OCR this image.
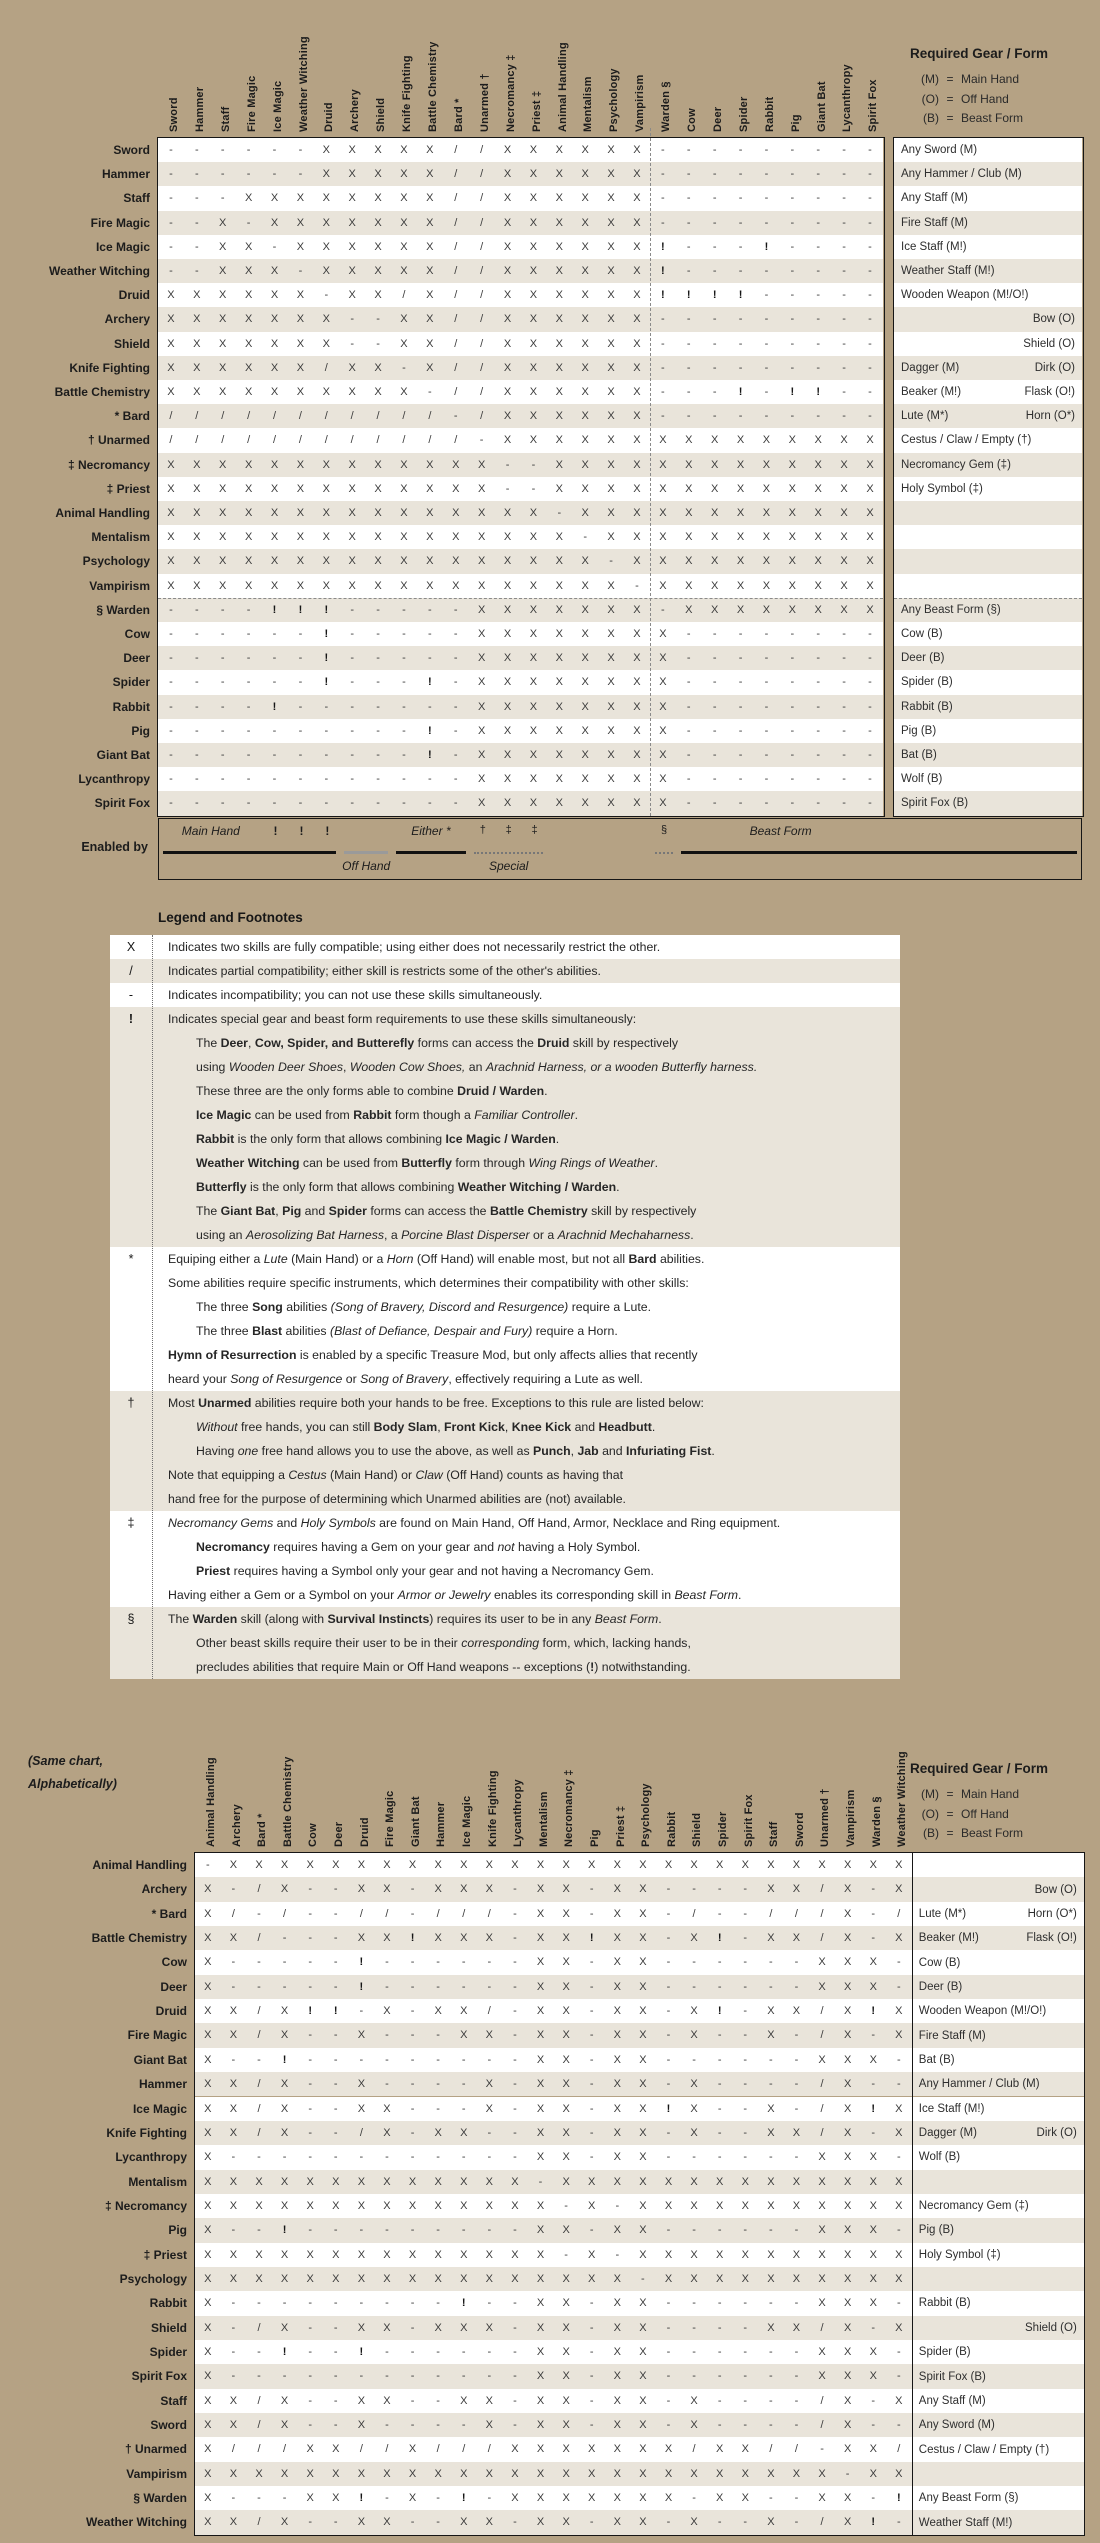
Required Gear / Form
(M) = Main Hand
(O) = Off Hand
(B) = Beast Form
Sword	Hammer	Staff	Fire Magic	Ice Magic	Weather Witching	Druid	Archery	Shield	Knife Fighting	Battle Chemistry	Bard *	Unarmed †	Necromancy ‡	Priest ‡	Animal Handling	Mentalism	Psychology	Vampirism	Warden §	Cow	Deer	Spider	Rabbit	Pig	Giant Bat	Lycanthropy	Spirit Fox
Sword	-	-	-	-	-	-	X	X	X	X	X	/	/	X	X	X	X	X	X	-	-	-	-	-	-	-	-	-	Any Sword (M)
Hammer	-	-	-	-	-	-	X	X	X	X	X	/	/	X	X	X	X	X	X	-	-	-	-	-	-	-	-	-	Any Hammer / Club (M)
Staff	-	-	-	X	X	X	X	X	X	X	X	/	/	X	X	X	X	X	X	-	-	-	-	-	-	-	-	-	Any Staff (M)
Fire Magic	-	-	X	-	X	X	X	X	X	X	X	/	/	X	X	X	X	X	X	-	-	-	-	-	-	-	-	-	Fire Staff (M)
Ice Magic	-	-	X	X	-	X	X	X	X	X	X	/	/	X	X	X	X	X	X	!	-	-	-	!	-	-	-	-	Ice Staff (M!)
Weather Witching	-	-	X	X	X	-	X	X	X	X	X	/	/	X	X	X	X	X	X	!	-	-	-	-	-	-	-	-	Weather Staff (M!)
Druid	X	X	X	X	X	X	-	X	X	/	X	/	/	X	X	X	X	X	X	!	!	!	!	-	-	-	-	-	Wooden Weapon (M!/O!)
Archery	X	X	X	X	X	X	X	-	-	X	X	/	/	X	X	X	X	X	X	-	-	-	-	-	-	-	-	-	Bow (O)
Shield	X	X	X	X	X	X	X	-	-	X	X	/	/	X	X	X	X	X	X	-	-	-	-	-	-	-	-	-	Shield (O)
Knife Fighting	X	X	X	X	X	X	/	X	X	-	X	/	/	X	X	X	X	X	X	-	-	-	-	-	-	-	-	-	Dagger (M)	Dirk (O)
Battle Chemistry	X	X	X	X	X	X	X	X	X	X	-	/	/	X	X	X	X	X	X	-	-	-	!	-	!	!	-	-	Beaker (M!)	Flask (O!)
* Bard	/	/	/	/	/	/	/	/	/	/	/	-	/	X	X	X	X	X	X	-	-	-	-	-	-	-	-	-	Lute (M*)	Horn (O*)
† Unarmed	/	/	/	/	/	/	/	/	/	/	/	/	-	X	X	X	X	X	X	X	X	X	X	X	X	X	X	X	Cestus / Claw / Empty (†)
‡ Necromancy	X	X	X	X	X	X	X	X	X	X	X	X	X	-	-	X	X	X	X	X	X	X	X	X	X	X	X	X	Necromancy Gem (‡)
‡ Priest	X	X	X	X	X	X	X	X	X	X	X	X	X	-	-	X	X	X	X	X	X	X	X	X	X	X	X	X	Holy Symbol (‡)
Animal Handling	X	X	X	X	X	X	X	X	X	X	X	X	X	X	X	-	X	X	X	X	X	X	X	X	X	X	X	X
Mentalism	X	X	X	X	X	X	X	X	X	X	X	X	X	X	X	X	-	X	X	X	X	X	X	X	X	X	X	X
Psychology	X	X	X	X	X	X	X	X	X	X	X	X	X	X	X	X	X	-	X	X	X	X	X	X	X	X	X	X
Vampirism	X	X	X	X	X	X	X	X	X	X	X	X	X	X	X	X	X	X	-	X	X	X	X	X	X	X	X	X
§ Warden	-	-	-	-	!	!	!	-	-	-	-	-	X	X	X	X	X	X	X	-	X	X	X	X	X	X	X	X	Any Beast Form (§)
Cow	-	-	-	-	-	-	!	-	-	-	-	-	X	X	X	X	X	X	X	X	-	-	-	-	-	-	-	-	Cow (B)
Deer	-	-	-	-	-	-	!	-	-	-	-	-	X	X	X	X	X	X	X	X	-	-	-	-	-	-	-	-	Deer (B)
Spider	-	-	-	-	-	-	!	-	-	-	!	-	X	X	X	X	X	X	X	X	-	-	-	-	-	-	-	-	Spider (B)
Rabbit	-	-	-	-	!	-	-	-	-	-	-	-	X	X	X	X	X	X	X	X	-	-	-	-	-	-	-	-	Rabbit (B)
Pig	-	-	-	-	-	-	-	-	-	-	!	-	X	X	X	X	X	X	X	X	-	-	-	-	-	-	-	-	Pig (B)
Giant Bat	-	-	-	-	-	-	-	-	-	-	!	-	X	X	X	X	X	X	X	X	-	-	-	-	-	-	-	-	Bat (B)
Lycanthropy	-	-	-	-	-	-	-	-	-	-	-	-	X	X	X	X	X	X	X	X	-	-	-	-	-	-	-	-	Wolf (B)
Spirit Fox	-	-	-	-	-	-	-	-	-	-	-	-	X	X	X	X	X	X	X	X	-	-	-	-	-	-	-	-	Spirit Fox (B)
Enabled by
Main Hand	! ! !	Either *	† ‡ ‡	§	Beast Form
Off Hand	Special
Legend and Footnotes
X	Indicates two skills are fully compatible; using either does not necessarily restrict the other.
/	Indicates partial compatibility; either skill is restricts some of the other's abilities.
-	Indicates incompatibility; you can not use these skills simultaneously.
!	Indicates special gear and beast form requirements to use these skills simultaneously:
The Deer, Cow, Spider, and Butterefly forms can access the Druid skill by respectively
using Wooden Deer Shoes, Wooden Cow Shoes, an Arachnid Harness, or a wooden Butterfly harness.
These three are the only forms able to combine Druid / Warden.
Ice Magic can be used from Rabbit form though a Familiar Controller.
Rabbit is the only form that allows combining Ice Magic / Warden.
Weather Witching can be used from Butterfly form through Wing Rings of Weather.
Butterfly is the only form that allows combining Weather Witching / Warden.
The Giant Bat, Pig and Spider forms can access the Battle Chemistry skill by respectively
using an Aerosolizing Bat Harness, a Porcine Blast Disperser or a Arachnid Mechaharness.
*	Equiping either a Lute (Main Hand) or a Horn (Off Hand) will enable most, but not all Bard abilities.
Some abilities require specific instruments, which determines their compatibility with other skills:
The three Song abilities (Song of Bravery, Discord and Resurgence) require a Lute.
The three Blast abilities (Blast of Defiance, Despair and Fury) require a Horn.
Hymn of Resurrection is enabled by a specific Treasure Mod, but only affects allies that recently
heard your Song of Resurgence or Song of Bravery, effectively requiring a Lute as well.
†	Most Unarmed abilities require both your hands to be free. Exceptions to this rule are listed below:
Without free hands, you can still Body Slam, Front Kick, Knee Kick and Headbutt.
Having one free hand allows you to use the above, as well as Punch, Jab and Infuriating Fist.
Note that equipping a Cestus (Main Hand) or Claw (Off Hand) counts as having that
hand free for the purpose of determining which Unarmed abilities are (not) available.
‡	Necromancy Gems and Holy Symbols are found on Main Hand, Off Hand, Armor, Necklace and Ring equipment.
Necromancy requires having a Gem on your gear and not having a Holy Symbol.
Priest requires having a Symbol only your gear and not having a Necromancy Gem.
Having either a Gem or a Symbol on your Armor or Jewelry enables its corresponding skill in Beast Form.
§	The Warden skill (along with Survival Instincts) requires its user to be in any Beast Form.
Other beast skills require their user to be in their corresponding form, which, lacking hands,
precludes abilities that require Main or Off Hand weapons -- exceptions (!) notwithstanding.
(Same chart,
Alphabetically)
Required Gear / Form
(M) = Main Hand
(O) = Off Hand
(B) = Beast Form
Animal Handling	Archery	Bard *	Battle Chemistry	Cow	Deer	Druid	Fire Magic	Giant Bat	Hammer	Ice Magic	Knife Fighting	Lycanthropy	Mentalism	Necromancy ‡	Pig	Priest ‡	Psychology	Rabbit	Shield	Spider	Spirit Fox	Staff	Sword	Unarmed †	Vampirism	Warden §	Weather Witching
Animal Handling	-	X	X	X	X	X	X	X	X	X	X	X	X	X	X	X	X	X	X	X	X	X	X	X	X	X	X	X
Archery	X	-	/	X	-	-	X	X	-	X	X	X	-	X	X	-	X	X	-	-	-	-	X	X	/	X	-	X	Bow (O)
* Bard	X	/	-	/	-	-	/	/	-	/	/	/	-	X	X	-	X	X	-	/	-	-	/	/	/	X	-	/	Lute (M*)	Horn (O*)
Battle Chemistry	X	X	/	-	-	-	X	X	!	X	X	X	-	X	X	!	X	X	-	X	!	-	X	X	/	X	-	X	Beaker (M!)	Flask (O!)
Cow	X	-	-	-	-	-	!	-	-	-	-	-	-	X	X	-	X	X	-	-	-	-	-	-	X	X	X	-	Cow (B)
Deer	X	-	-	-	-	-	!	-	-	-	-	-	-	X	X	-	X	X	-	-	-	-	-	-	X	X	X	-	Deer (B)
Druid	X	X	/	X	!	!	-	X	-	X	X	/	-	X	X	-	X	X	-	X	!	-	X	X	/	X	!	X	Wooden Weapon (M!/O!)
Fire Magic	X	X	/	X	-	-	X	-	-	-	X	X	-	X	X	-	X	X	-	X	-	-	X	-	/	X	-	X	Fire Staff (M)
Giant Bat	X	-	-	!	-	-	-	-	-	-	-	-	-	X	X	-	X	X	-	-	-	-	-	-	X	X	X	-	Bat (B)
Hammer	X	X	/	X	-	-	X	-	-	-	-	X	-	X	X	-	X	X	-	X	-	-	-	-	/	X	-	-	Any Hammer / Club (M)
Ice Magic	X	X	/	X	-	-	X	X	-	-	-	X	-	X	X	-	X	X	!	X	-	-	X	-	/	X	!	X	Ice Staff (M!)
Knife Fighting	X	X	/	X	-	-	/	X	-	X	X	-	-	X	X	-	X	X	-	X	-	-	X	X	/	X	-	X	Dagger (M)	Dirk (O)
Lycanthropy	X	-	-	-	-	-	-	-	-	-	-	-	-	X	X	-	X	X	-	-	-	-	-	-	X	X	X	-	Wolf (B)
Mentalism	X	X	X	X	X	X	X	X	X	X	X	X	X	-	X	X	X	X	X	X	X	X	X	X	X	X	X	X
‡ Necromancy	X	X	X	X	X	X	X	X	X	X	X	X	X	X	-	X	-	X	X	X	X	X	X	X	X	X	X	X	Necromancy Gem (‡)
Pig	X	-	-	!	-	-	-	-	-	-	-	-	-	X	X	-	X	X	-	-	-	-	-	-	X	X	X	-	Pig (B)
‡ Priest	X	X	X	X	X	X	X	X	X	X	X	X	X	X	-	X	-	X	X	X	X	X	X	X	X	X	X	X	Holy Symbol (‡)
Psychology	X	X	X	X	X	X	X	X	X	X	X	X	X	X	X	X	X	-	X	X	X	X	X	X	X	X	X	X
Rabbit	X	-	-	-	-	-	-	-	-	-	!	-	-	X	X	-	X	X	-	-	-	-	-	-	X	X	X	-	Rabbit (B)
Shield	X	-	/	X	-	-	X	X	-	X	X	X	-	X	X	-	X	X	-	-	-	-	X	X	/	X	-	X	Shield (O)
Spider	X	-	-	!	-	-	!	-	-	-	-	-	-	X	X	-	X	X	-	-	-	-	-	-	X	X	X	-	Spider (B)
Spirit Fox	X	-	-	-	-	-	-	-	-	-	-	-	-	X	X	-	X	X	-	-	-	-	-	-	X	X	X	-	Spirit Fox (B)
Staff	X	X	/	X	-	-	X	X	-	-	X	X	-	X	X	-	X	X	-	X	-	-	-	-	/	X	-	X	Any Staff (M)
Sword	X	X	/	X	-	-	X	-	-	-	-	X	-	X	X	-	X	X	-	X	-	-	-	-	/	X	-	-	Any Sword (M)
† Unarmed	X	/	/	/	X	X	/	/	X	/	/	/	X	X	X	X	X	X	X	/	X	X	/	/	-	X	X	/	Cestus / Claw / Empty (†)
Vampirism	X	X	X	X	X	X	X	X	X	X	X	X	X	X	X	X	X	X	X	X	X	X	X	X	X	-	X	X
§ Warden	X	-	-	-	X	X	!	-	X	-	!	-	X	X	X	X	X	X	X	-	X	X	-	-	X	X	-	!	Any Beast Form (§)
Weather Witching	X	X	/	X	-	-	X	X	-	-	X	X	-	X	X	-	X	X	-	X	-	-	X	-	/	X	!	-	Weather Staff (M!)
